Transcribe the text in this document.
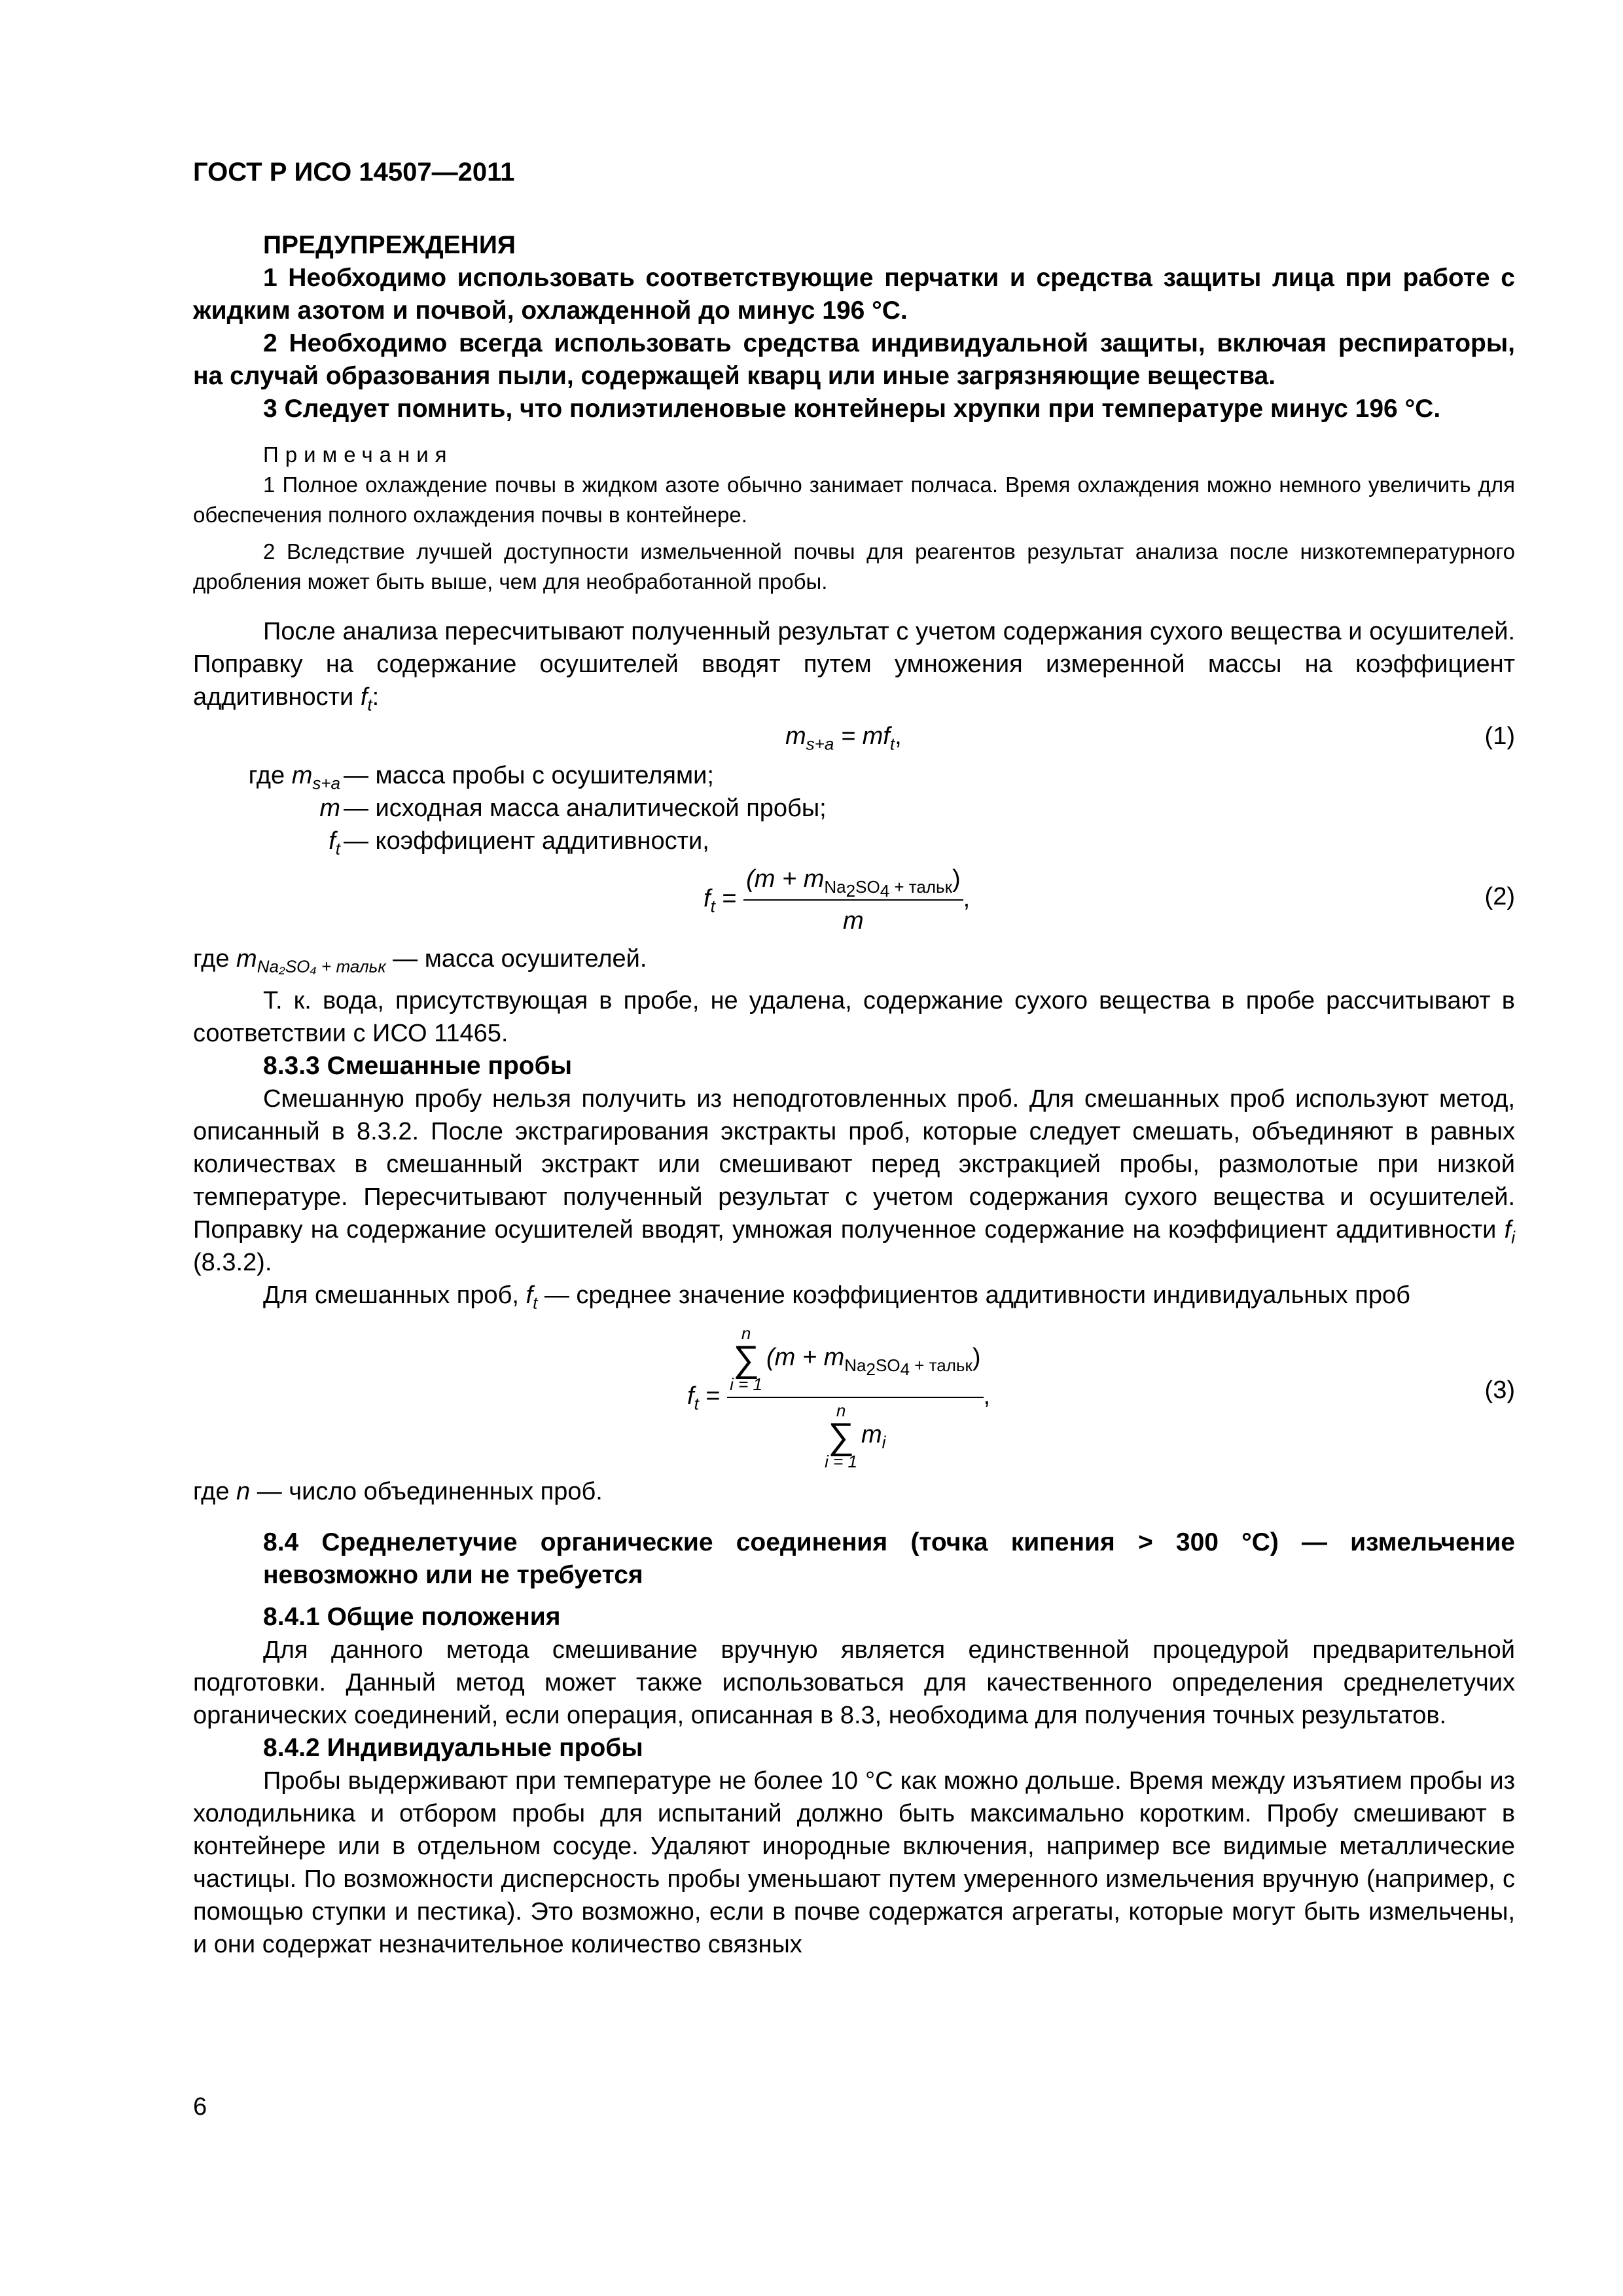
ГОСТ Р ИСО 14507—2011

ПРЕДУПРЕЖДЕНИЯ

1 Необходимо использовать соответствующие перчатки и средства защиты лица при работе с жидким азотом и почвой, охлажденной до минус 196 °С.

2 Необходимо всегда использовать средства индивидуальной защиты, включая респираторы, на случай образования пыли, содержащей кварц или иные загрязняющие вещества.

3 Следует помнить, что полиэтиленовые контейнеры хрупки при температуре минус 196 °С.

Примечания

1 Полное охлаждение почвы в жидком азоте обычно занимает полчаса. Время охлаждения можно немного увеличить для обеспечения полного охлаждения почвы в контейнере.

2 Вследствие лучшей доступности измельченной почвы для реагентов результат анализа после низкотемпературного дробления может быть выше, чем для необработанной пробы.

После анализа пересчитывают полученный результат с учетом содержания сухого вещества и осушителей. Поправку на содержание осушителей вводят путем умножения измеренной массы на коэффициент аддитивности $f_t$:

$m_{s+a} = mf_t$,	(1)
где $m_{s+a}$ — масса пробы с осушителями;
m — исходная масса аналитической пробы;
$f_t$ — коэффициент аддитивности,
$f_t = \frac{(m + m_{Na_2SO_4 + тальк})}{m}$ ,	(2)

где $m_{Na_2SO_4 + тальк}$ — масса осушителей.

Т. к. вода, присутствующая в пробе, не удалена, содержание сухого вещества в пробе рассчитывают в соответствии с ИСО 11465.

8.3.3 Смешанные пробы

Смешанную пробу нельзя получить из неподготовленных проб. Для смешанных проб используют метод, описанный в 8.3.2. После экстрагирования экстракты проб, которые следует смешать, объединяют в равных количествах в смешанный экстракт или смешивают перед экстракцией пробы, размолотые при низкой температуре. Пересчитывают полученный результат с учетом содержания сухого вещества и осушителей. Поправку на содержание осушителей вводят, умножая полученное содержание на коэффициент аддитивности $f_i$ (8.3.2).

Для смешанных проб, $f_t$ — среднее значение коэффициентов аддитивности индивидуальных проб

$f_t = n$
∑
i = 1
$(m + m_{Na_2SO_4 + тальк})$
n
∑
i = 1
$m_i$ ,	(3)

где n — число объединенных проб.

8.4 Среднелетучие органические соединения (точка кипения > 300 °С) — измельчение невозможно или не требуется

8.4.1 Общие положения

Для данного метода смешивание вручную является единственной процедурой предварительной подготовки. Данный метод может также использоваться для качественного определения среднелетучих органических соединений, если операция, описанная в 8.3, необходима для получения точных результатов.

8.4.2 Индивидуальные пробы

Пробы выдерживают при температуре не более 10 °С как можно дольше. Время между изъятием пробы из холодильника и отбором пробы для испытаний должно быть максимально коротким. Пробу смешивают в контейнере или в отдельном сосуде. Удаляют инородные включения, например все видимые металлические частицы. По возможности дисперсность пробы уменьшают путем умеренного измельчения вручную (например, с помощью ступки и пестика). Это возможно, если в почве содержатся агрегаты, которые могут быть измельчены, и они содержат незначительное количество связных

6
